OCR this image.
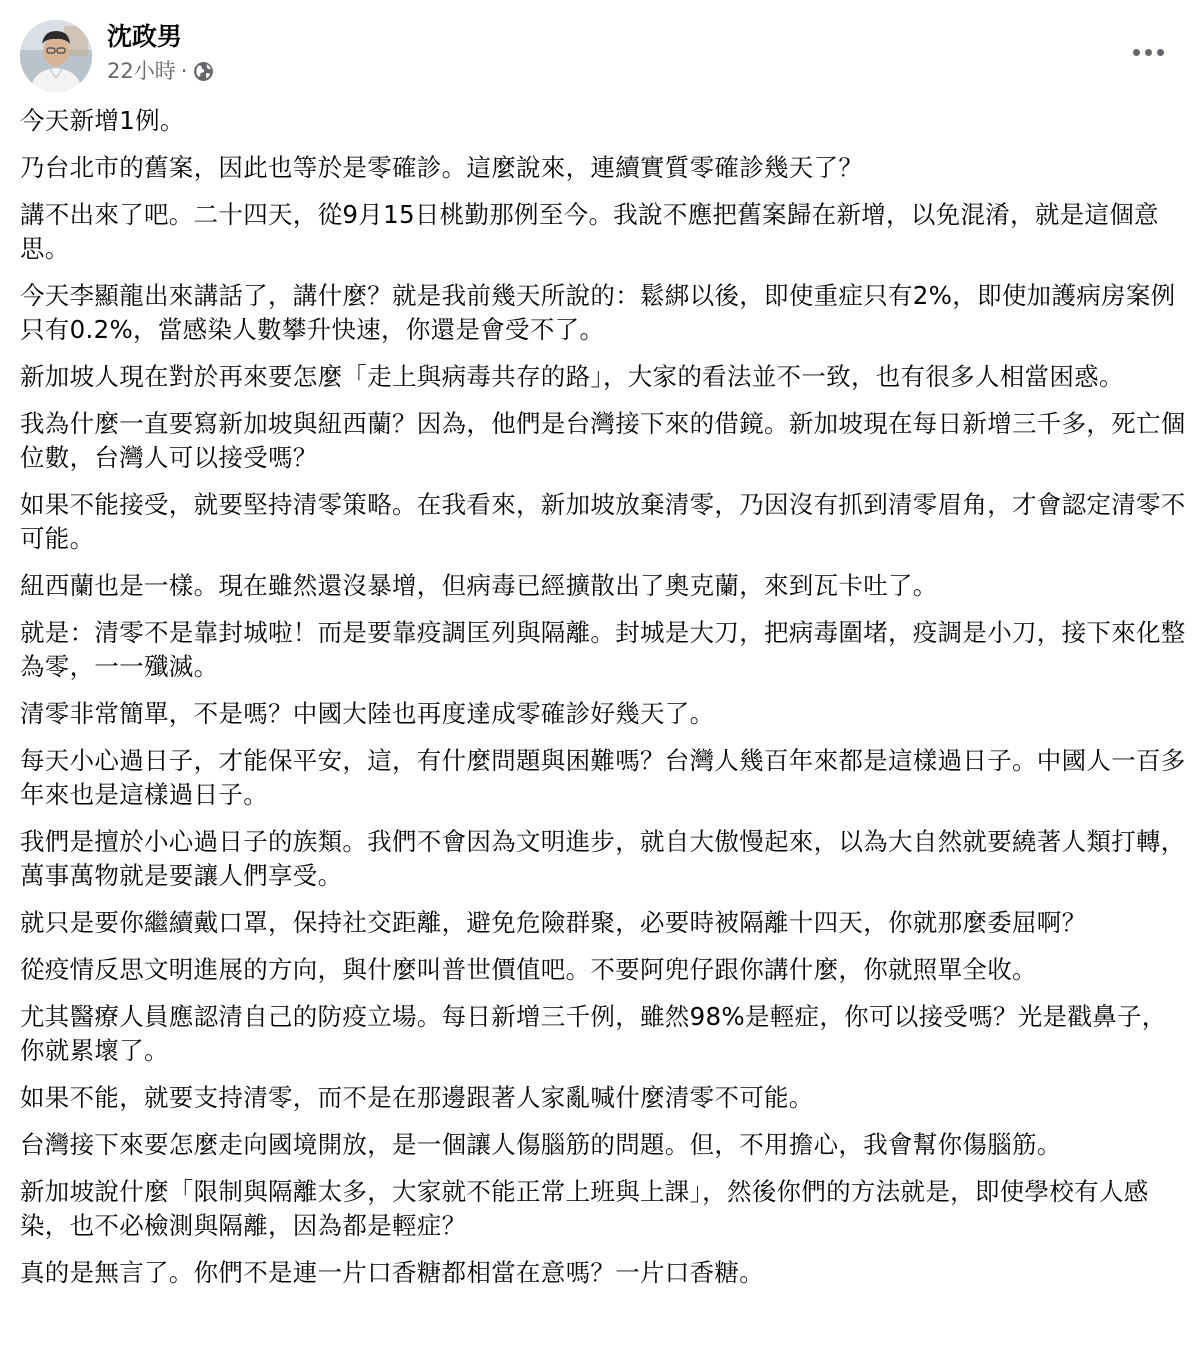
沈政男
22小時 ·

今天新增1例。

乃台北市的舊案，因此也等於是零確診。這麼說來，連續實質零確診幾天了？

講不出來了吧。二十四天，從9月15日桃勤那例至今。我說不應把舊案歸在新增，以免混淆，就是這個意思。

今天李顯龍出來講話了，講什麼？就是我前幾天所說的：鬆綁以後，即使重症只有2%，即使加護病房案例只有0.2%，當感染人數攀升快速，你還是會受不了。

新加坡人現在對於再來要怎麼「走上與病毒共存的路」，大家的看法並不一致，也有很多人相當困惑。

我為什麼一直要寫新加坡與紐西蘭？因為，他們是台灣接下來的借鏡。新加坡現在每日新增三千多，死亡個位數，台灣人可以接受嗎？

如果不能接受，就要堅持清零策略。在我看來，新加坡放棄清零，乃因沒有抓到清零眉角，才會認定清零不可能。

紐西蘭也是一樣。現在雖然還沒暴增，但病毒已經擴散出了奧克蘭，來到瓦卡吐了。

就是：清零不是靠封城啦！而是要靠疫調匡列與隔離。封城是大刀，把病毒圍堵，疫調是小刀，接下來化整為零，一一殲滅。

清零非常簡單，不是嗎？中國大陸也再度達成零確診好幾天了。

每天小心過日子，才能保平安，這，有什麼問題與困難嗎？台灣人幾百年來都是這樣過日子。中國人一百多年來也是這樣過日子。

我們是擅於小心過日子的族類。我們不會因為文明進步，就自大傲慢起來，以為大自然就要繞著人類打轉，萬事萬物就是要讓人們享受。

就只是要你繼續戴口罩，保持社交距離，避免危險群聚，必要時被隔離十四天，你就那麼委屈啊？

從疫情反思文明進展的方向，與什麼叫普世價值吧。不要阿兜仔跟你講什麼，你就照單全收。

尤其醫療人員應認清自己的防疫立場。每日新增三千例，雖然98%是輕症，你可以接受嗎？光是戳鼻子，你就累壞了。

如果不能，就要支持清零，而不是在那邊跟著人家亂喊什麼清零不可能。

台灣接下來要怎麼走向國境開放，是一個讓人傷腦筋的問題。但，不用擔心，我會幫你傷腦筋。

新加坡說什麼「限制與隔離太多，大家就不能正常上班與上課」，然後你們的方法就是，即使學校有人感染，也不必檢測與隔離，因為都是輕症？

真的是無言了。你們不是連一片口香糖都相當在意嗎？一片口香糖。
